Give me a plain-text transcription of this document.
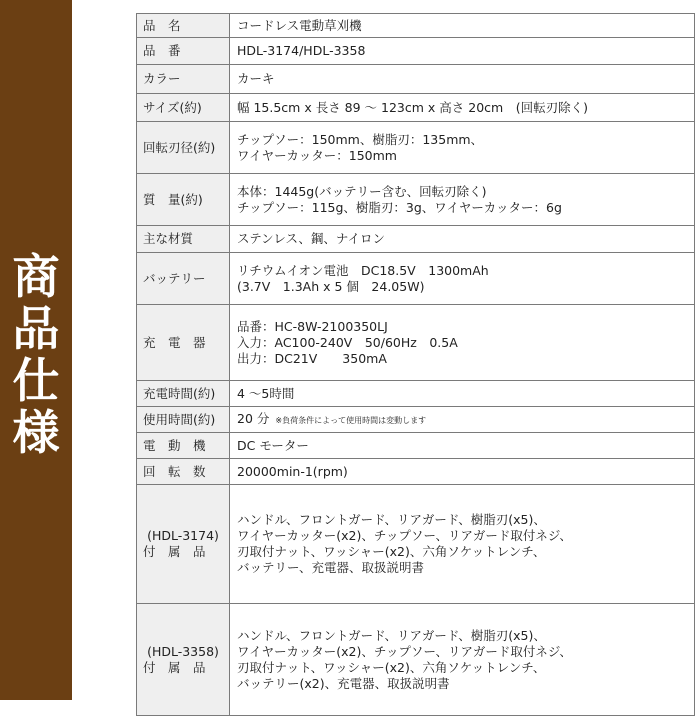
商
品
仕
様
品　名	コードレス電動草刈機

品　番	HDL-3174/HDL-3358

カラー	カーキ

サイズ(約)	幅 15.5cm x 長さ 89 ～ 123cm x 高さ 20cm　(回転刃除く)

回転刃径(約)	チップソー：150mm、樹脂刃：135mm、
ワイヤーカッター：150mm

質　量(約)	本体：1445g(バッテリー含む、回転刃除く)
チップソー：115g、樹脂刃：3g、ワイヤーカッター：6g

主な材質	ステンレス、鋼、ナイロン

バッテリー	リチウムイオン電池　DC18.5V　1300mAh
(3.7V　1.3Ah x 5 個　24.05W)

充　電　器	品番：HC-8W-2100350LJ
入力：AC100-240V　50/60Hz　0.5A
出力：DC21V　　350mA

充電時間(約)	4 ～5時間

使用時間(約)	20 分 ※負荷条件によって使用時間は変動します

電　動　機	DC モーター

回　転　数	20000min-1(rpm)

(HDL-3174)
付　属　品	ハンドル、フロントガード、リアガード、樹脂刃(x5)、
ワイヤーカッター(x2)、チップソー、リアガード取付ネジ、
刃取付ナット、ワッシャー(x2)、六角ソケットレンチ、
バッテリー、充電器、取扱説明書

(HDL-3358)
付　属　品	ハンドル、フロントガード、リアガード、樹脂刃(x5)、
ワイヤーカッター(x2)、チップソー、リアガード取付ネジ、
刃取付ナット、ワッシャー(x2)、六角ソケットレンチ、
バッテリー(x2)、充電器、取扱説明書
